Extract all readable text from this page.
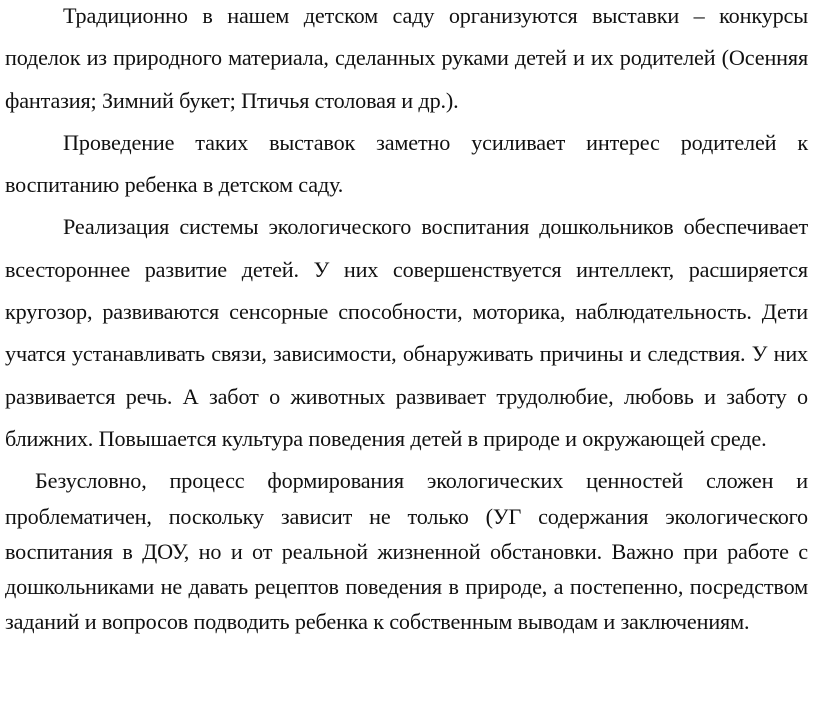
Традиционно в нашем детском саду организуются выставки – конкурсы поделок из природного материала, сделанных руками детей и их родителей (Осенняя фантазия; Зимний букет; Птичья столовая и др.).

Проведение таких выставок заметно усиливает интерес родителей к воспитанию ребенка в детском саду.

Реализация системы экологического воспитания дошкольников обеспечивает всестороннее развитие детей. У них совершенствуется интеллект, расширяется кругозор, развиваются сенсорные способности, моторика, наблюдательность. Дети учатся устанавливать связи, зависимости, обнаруживать причины и следствия. У них развивается речь. А забот о животных развивает трудолюбие, любовь и заботу о ближних. Повышается культура поведения детей в природе и окружающей среде.

Безусловно, процесс формирования экологических ценностей сложен и проблематичен, поскольку зависит не только (УГ содержания экологического воспитания в ДОУ, но и от реальной жизненной обстановки. Важно при работе с дошкольниками не давать рецептов поведения в природе, а постепенно, посредством заданий и вопросов подводить ребенка к собственным выводам и заключениям.
